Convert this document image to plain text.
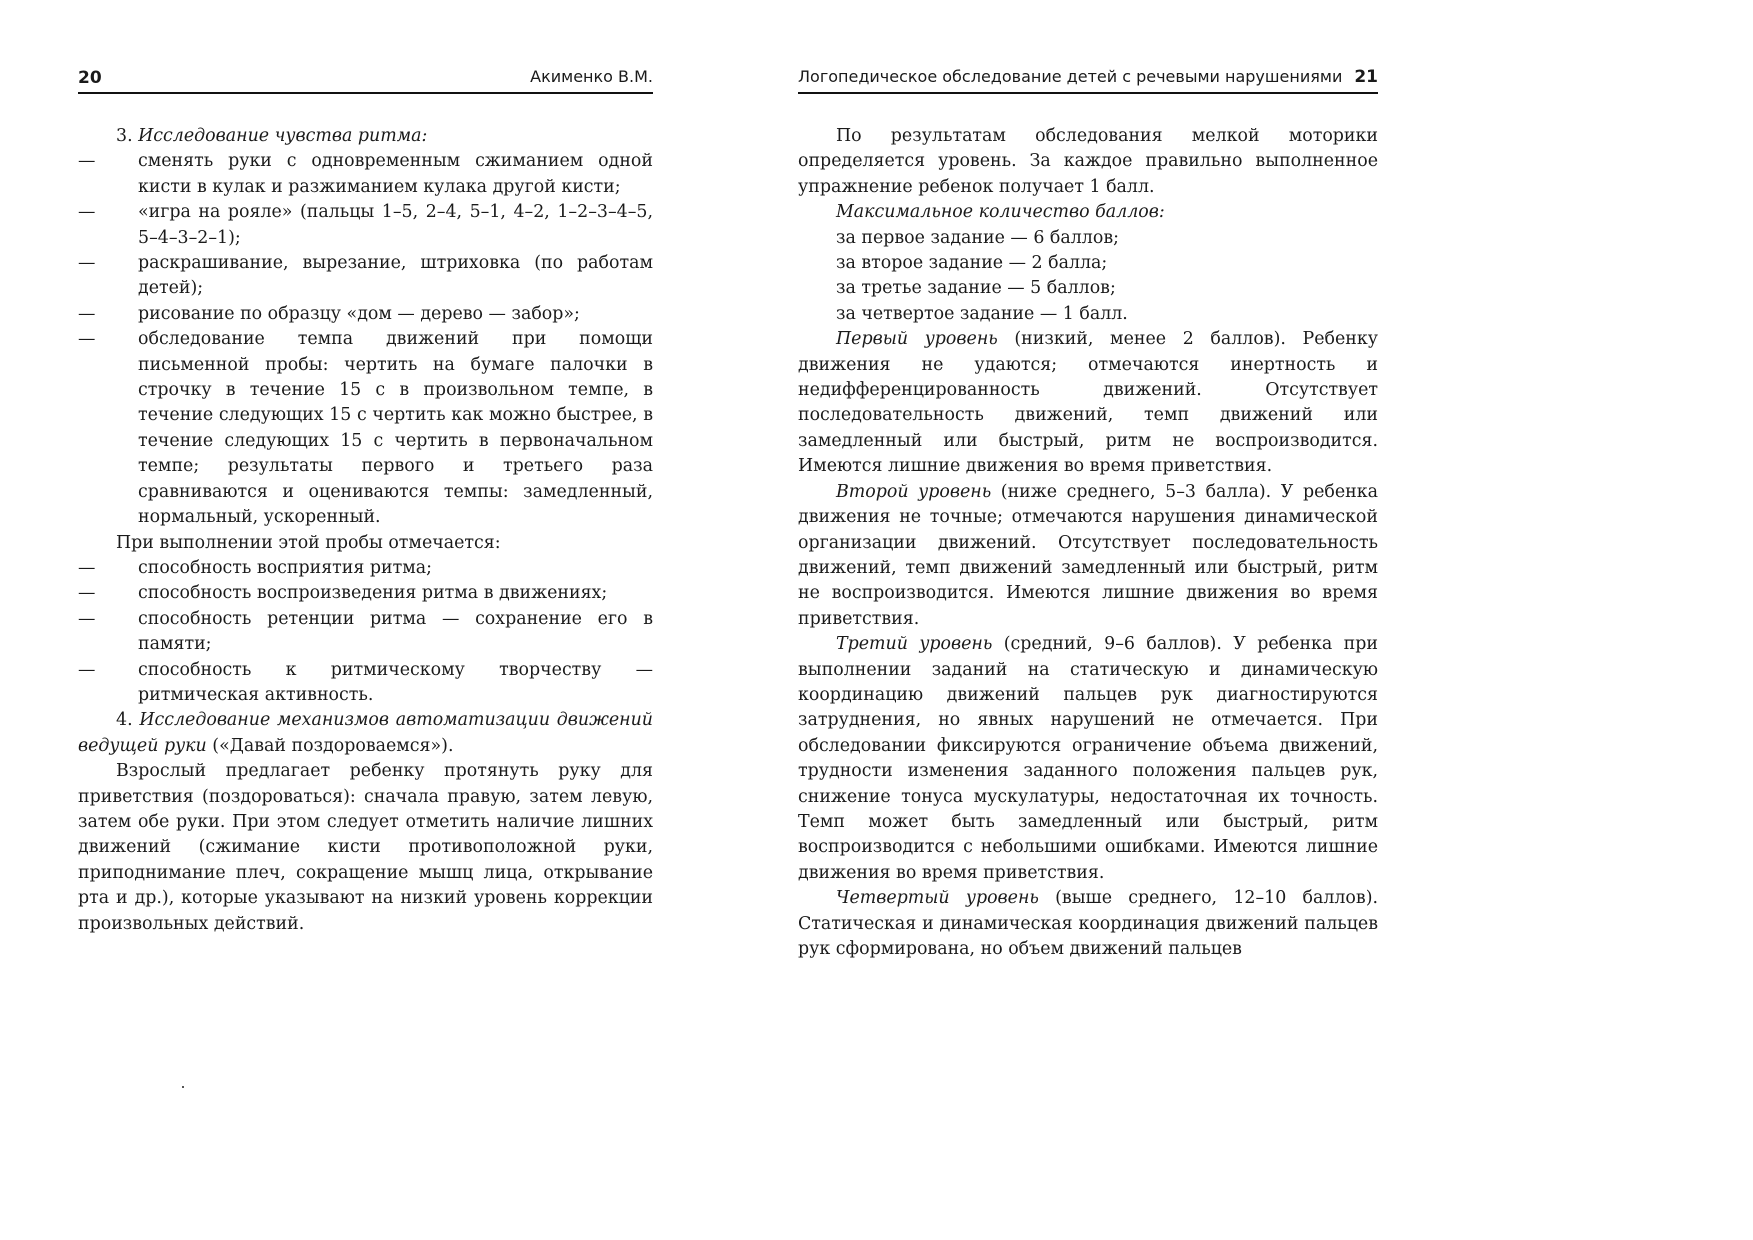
20	Акименко В.М.

3. Исследование чувства ритма:

— сменять руки с одновременным сжиманием одной кисти в кулак и разжиманием кулака другой кисти;

— «игра на рояле» (пальцы 1–5, 2–4, 5–1, 4–2, 1–2–3–4–5, 5–4–3–2–1);

— раскрашивание, вырезание, штриховка (по работам детей);

— рисование по образцу «дом — дерево — забор»;

— обследование темпа движений при помощи письменной пробы: чертить на бумаге палочки в строчку в течение 15 с в произвольном темпе, в течение следующих 15 с чертить как можно быстрее, в течение следующих 15 с чертить в первоначальном темпе; результаты первого и третьего раза сравниваются и оцениваются темпы: замедленный, нормальный, ускоренный.

При выполнении этой пробы отмечается:

— способность восприятия ритма;

— способность воспроизведения ритма в движениях;

— способность ретенции ритма — сохранение его в памяти;

— способность к ритмическому творчеству — ритмическая активность.

4. Исследование механизмов автоматизации движений ведущей руки («Давай поздороваемся»).

Взрослый предлагает ребенку протянуть руку для приветствия (поздороваться): сначала правую, затем левую, затем обе руки. При этом следует отметить наличие лишних движений (сжимание кисти противоположной руки, приподнимание плеч, сокращение мышц лица, открывание рта и др.), которые указывают на низкий уровень коррекции произвольных действий.

Логопедическое обследование детей с речевыми нарушениями 21

По результатам обследования мелкой моторики определяется уровень. За каждое правильно выполненное упражнение ребенок получает 1 балл.

Максимальное количество баллов:

за первое задание — 6 баллов;

за второе задание — 2 балла;

за третье задание — 5 баллов;

за четвертое задание — 1 балл.

Первый уровень (низкий, менее 2 баллов). Ребенку движения не удаются; отмечаются инертность и недифференцированность движений. Отсутствует последовательность движений, темп движений или замедленный или быстрый, ритм не воспроизводится. Имеются лишние движения во время приветствия.

Второй уровень (ниже среднего, 5–3 балла). У ребенка движения не точные; отмечаются нарушения динамической организации движений. Отсутствует последовательность движений, темп движений замедленный или быстрый, ритм не воспроизводится. Имеются лишние движения во время приветствия.

Третий уровень (средний, 9–6 баллов). У ребенка при выполнении заданий на статическую и динамическую координацию движений пальцев рук диагностируются затруднения, но явных нарушений не отмечается. При обследовании фиксируются ограничение объема движений, трудности изменения заданного положения пальцев рук, снижение тонуса мускулатуры, недостаточная их точность. Темп может быть замедленный или быстрый, ритм воспроизводится с небольшими ошибками. Имеются лишние движения во время приветствия.

Четвертый уровень (выше среднего, 12–10 баллов). Статическая и динамическая координация движений пальцев рук сформирована, но объем движений пальцев
